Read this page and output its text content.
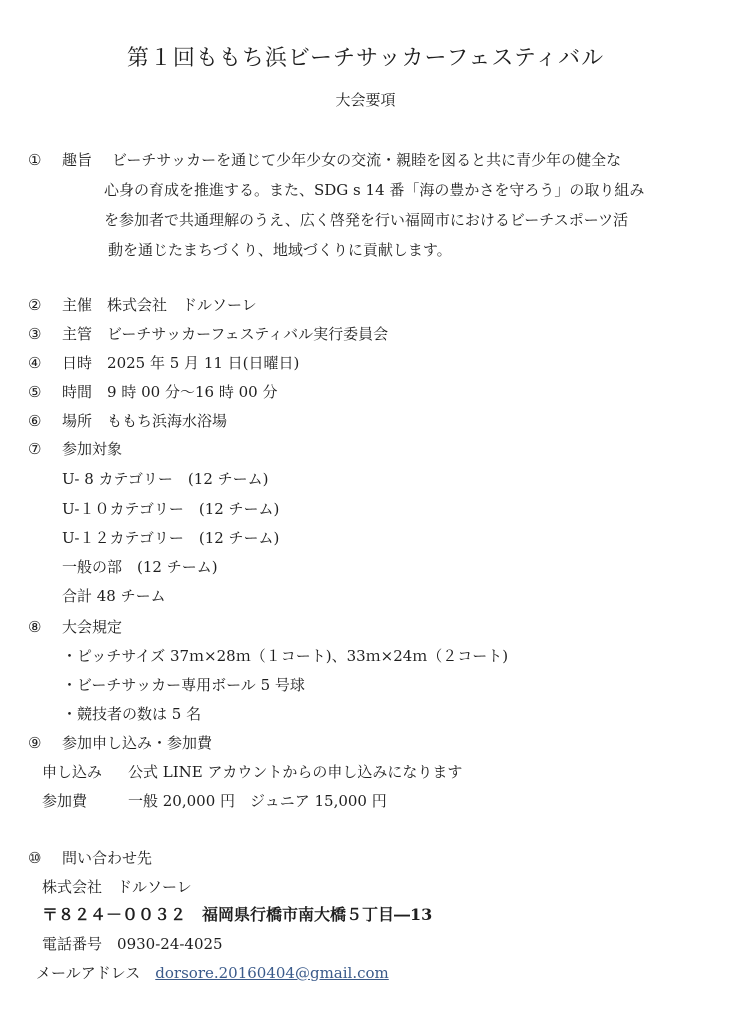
第１回ももち浜ビーチサッカーフェスティバル
大会要項
① 趣旨 ビーチサッカーを通じて少年少女の交流・親睦を図ると共に青少年の健全な
心身の育成を推進する。また、SDG s 14 番「海の豊かさを守ろう」の取り組み
を参加者で共通理解のうえ、広く啓発を行い福岡市におけるビーチスポーツ活
動を通じたまちづくり、地域づくりに貢献します。
② 主催　 株式会社　ドルソーレ
③ 主管　 ビーチサッカーフェスティバル実行委員会
④ 日時　 2025 年 5 月 11 日(日曜日)
⑤ 時間　 9 時 00 分〜16 時 00 分
⑥ 場所　 ももち浜海水浴場
⑦ 参加対象
U- 8 カテゴリー　(12 チーム)
U-１０カテゴリー　(12 チーム)
U-１２カテゴリー　(12 チーム)
一般の部　(12 チーム)
合計 48 チーム
⑧ 大会規定
・ピッチサイズ 37ｍ×28ｍ（１コート)、33ｍ×24ｍ（２コート)
・ビーチサッカー専用ボール 5 号球
・競技者の数は 5 名
⑨ 参加申し込み・参加費
申し込み 公式 LINE アカウントからの申し込みになります
参加費	一般 20,000 円　ジュニア 15,000 円
⑩ 問い合わせ先
株式会社　ドルソーレ
〒８２４－００３２　福岡県行橋市南大橋５丁目―13
電話番号　 0930-24-4025
メールアドレス　 dorsore.20160404@gmail.com
